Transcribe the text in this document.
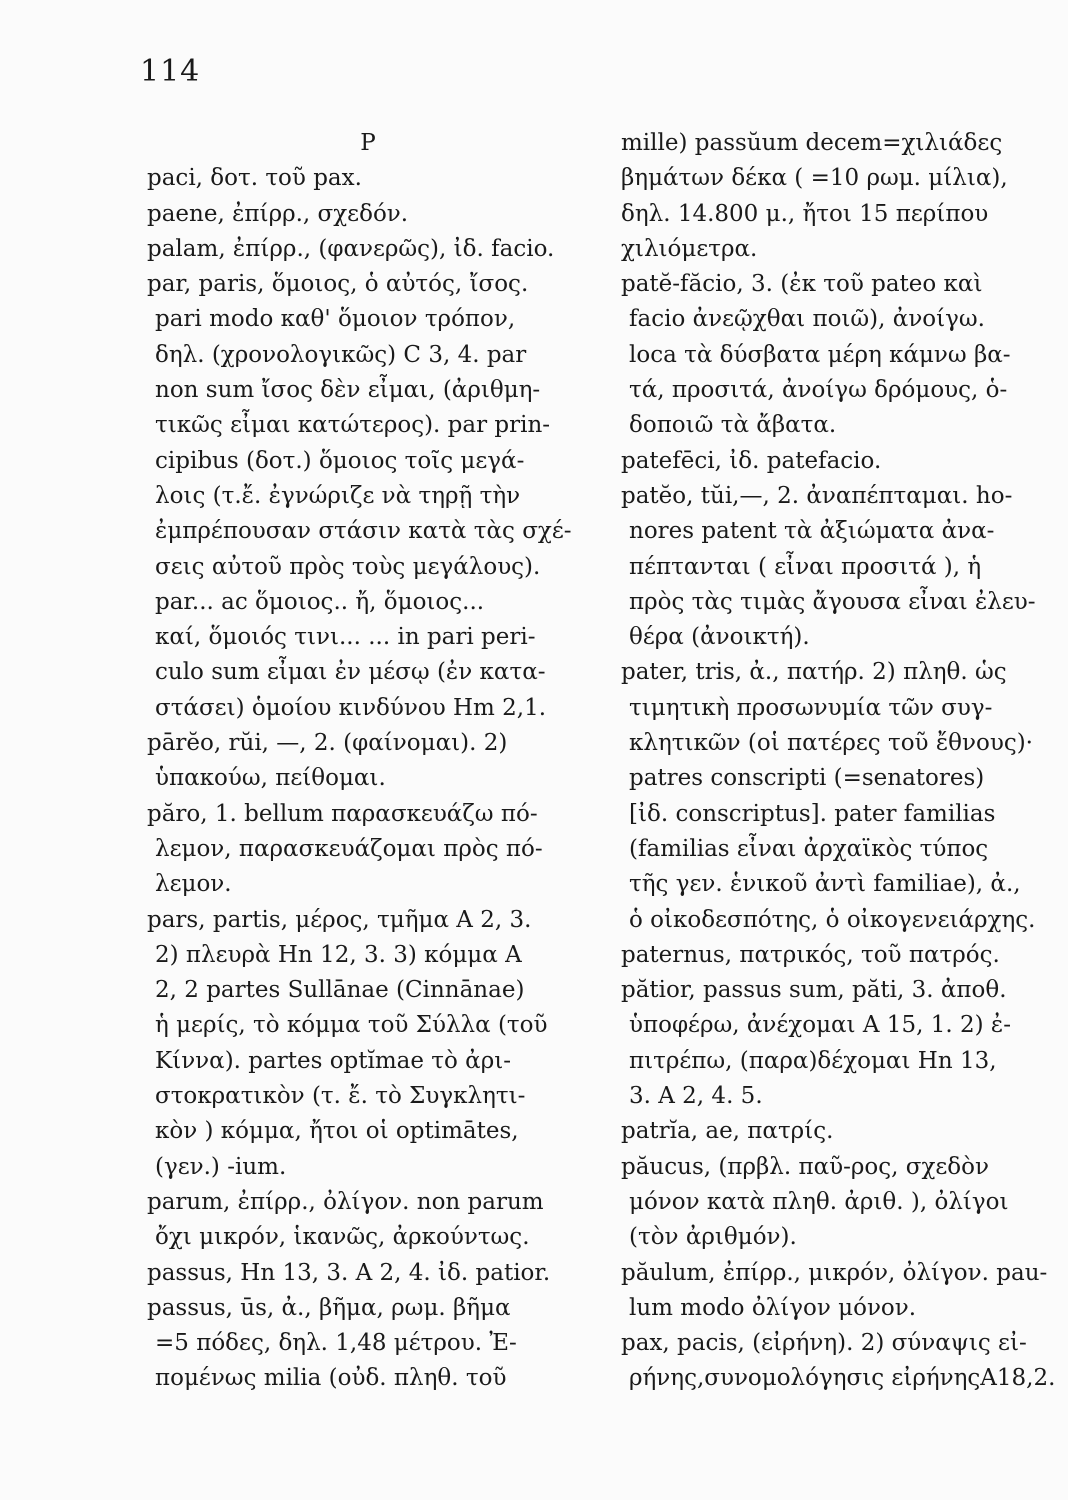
114
P
paci, δοτ. τοῦ pax.
paene, ἐπίρρ., σχεδόν.
palam, ἐπίρρ., (φανερῶς), ἰδ. facio.
par, paris, ὅμοιος, ὁ αὐτός, ἴσος.
pari modo καθ' ὅμοιον τρόπον,
δηλ. (χρονολογικῶς) C 3, 4. par
non sum ἴσος δὲν εἶμαι, (ἀριθμη-
τικῶς εἶμαι κατώτερος). par prin-
cipibus (δοτ.) ὅμοιος τοῖς μεγά-
λοις (τ.ἔ. ἐγνώριζε νὰ τηρῇ τὴν
ἐμπρέπουσαν στάσιν κατὰ τὰς σχέ-
σεις αὐτοῦ πρὸς τοὺς μεγάλους).
par... ac ὅμοιος.. ἤ, ὅμοιος...
καί, ὅμοιός τινι... ... in pari peri-
culo sum εἶμαι ἐν μέσῳ (ἐν κατα-
στάσει) ὁμοίου κινδύνου Hm 2,1.
pārĕo, rŭi, —, 2. (φαίνομαι). 2)
ὑπακούω, πείθομαι.
păro, 1. bellum παρασκευάζω πό-
λεμον, παρασκευάζομαι πρὸς πό-
λεμον.
pars, partis, μέρος, τμῆμα A 2, 3.
2) πλευρὰ Hn 12, 3. 3) κόμμα A
2, 2 partes Sullānae (Cinnānae)
ἡ μερίς, τὸ κόμμα τοῦ Σύλλα (τοῦ
Κίννα). partes optĭmae τὸ ἀρι-
στοκρατικὸν (τ. ἔ. τὸ Συγκλητι-
κὸν ) κόμμα, ἤτοι οἱ optimātes,
(γεν.) -ium.
parum, ἐπίρρ., ὀλίγον. non parum
ὄχι μικρόν, ἱκανῶς, ἀρκούντως.
passus, Hn 13, 3. A 2, 4. ἰδ. patior.
passus, ūs, ἀ., βῆμα, ρωμ. βῆμα
=5 πόδες, δηλ. 1,48 μέτρου. Ἐ-
πομένως milia (οὐδ. πληθ. τοῦ
mille) passŭum decem=χιλιάδες
βημάτων δέκα ( =10 ρωμ. μίλια),
δηλ. 14.800 μ., ἤτοι 15 περίπου
χιλιόμετρα.
patĕ-făcio, 3. (ἐκ τοῦ pateo καὶ
facio ἀνεῷχθαι ποιῶ), ἀνοίγω.
loca τὰ δύσβατα μέρη κάμνω βα-
τά, προσιτά, ἀνοίγω δρόμους, ὁ-
δοποιῶ τὰ ἄβατα.
patefēci, ἰδ. patefacio.
patĕo, tŭi,—, 2. ἀναπέπταμαι. ho-
nores patent τὰ ἀξιώματα ἀνα-
πέπτανται ( εἶναι προσιτά ), ἡ
πρὸς τὰς τιμὰς ἄγουσα εἶναι ἐλευ-
θέρα (ἀνοικτή).
pater, tris, ἀ., πατήρ. 2) πληθ. ὡς
τιμητικὴ προσωνυμία τῶν συγ-
κλητικῶν (οἱ πατέρες τοῦ ἔθνους)·
patres conscripti (=senatores)
[ἰδ. conscriptus]. pater familias
(familias εἶναι ἀρχαϊκὸς τύπος
τῆς γεν. ἑνικοῦ ἀντὶ familiae), ἀ.,
ὁ οἰκοδεσπότης, ὁ οἰκογενειάρχης.
paternus, πατρικός, τοῦ πατρός.
pătior, passus sum, păti, 3. ἀποθ.
ὑποφέρω, ἀνέχομαι A 15, 1. 2) ἐ-
πιτρέπω, (παρα)δέχομαι Hn 13,
3. A 2, 4. 5.
patrĭa, ae, πατρίς.
păucus, (πρβλ. παῦ-ρος, σχεδὸν
μόνον κατὰ πληθ. ἀριθ. ), ὀλίγοι
(τὸν ἀριθμόν).
păulum, ἐπίρρ., μικρόν, ὀλίγον. pau-
lum modo ὀλίγον μόνον.
pax, pacis, (εἰρήνη). 2) σύναψις εἰ-
ρήνης,συνομολόγησις εἰρήνηςA18,2.
